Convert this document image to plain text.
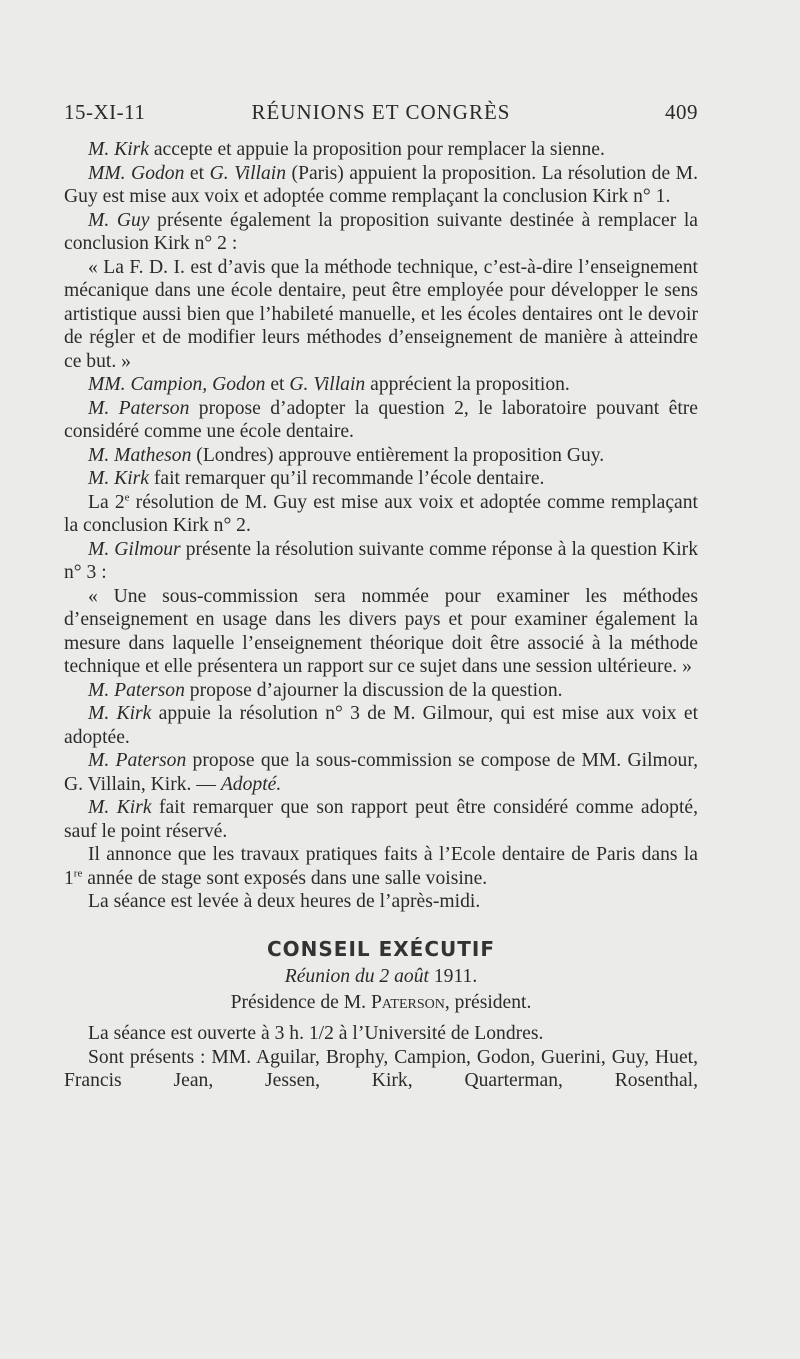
15-XI-11	RÉUNIONS ET CONGRÈS	409

M. Kirk accepte et appuie la proposition pour remplacer la sienne.

MM. Godon et G. Villain (Paris) appuient la proposition. La résolution de M. Guy est mise aux voix et adoptée comme remplaçant la conclusion Kirk n° 1.

M. Guy présente également la proposition suivante destinée à remplacer la conclusion Kirk n° 2 :

« La F. D. I. est d’avis que la méthode technique, c’est-à-dire l’enseignement mécanique dans une école dentaire, peut être employée pour développer le sens artistique aussi bien que l’habileté manuelle, et les écoles dentaires ont le devoir de régler et de modifier leurs méthodes d’enseignement de manière à atteindre ce but. »

MM. Campion, Godon et G. Villain apprécient la proposition.

M. Paterson propose d’adopter la question 2, le laboratoire pouvant être considéré comme une école dentaire.

M. Matheson (Londres) approuve entièrement la proposition Guy.

M. Kirk fait remarquer qu’il recommande l’école dentaire.

La 2e résolution de M. Guy est mise aux voix et adoptée comme remplaçant la conclusion Kirk n° 2.

M. Gilmour présente la résolution suivante comme réponse à la question Kirk n° 3 :

« Une sous-commission sera nommée pour examiner les méthodes d’enseignement en usage dans les divers pays et pour examiner également la mesure dans laquelle l’enseignement théorique doit être associé à la méthode technique et elle présentera un rapport sur ce sujet dans une session ultérieure. »

M. Paterson propose d’ajourner la discussion de la question.

M. Kirk appuie la résolution n° 3 de M. Gilmour, qui est mise aux voix et adoptée.

M. Paterson propose que la sous-commission se compose de MM. Gilmour, G. Villain, Kirk. — Adopté.

M. Kirk fait remarquer que son rapport peut être considéré comme adopté, sauf le point réservé.

Il annonce que les travaux pratiques faits à l’Ecole dentaire de Paris dans la 1re année de stage sont exposés dans une salle voisine.

La séance est levée à deux heures de l’après-midi.

CONSEIL EXÉCUTIF

Réunion du 2 août 1911.

Présidence de M. Paterson, président.

La séance est ouverte à 3 h. 1/2 à l’Université de Londres.

Sont présents : MM. Aguilar, Brophy, Campion, Godon, Guerini, Guy, Huet, Francis Jean, Jessen, Kirk, Quarterman, Rosenthal,
